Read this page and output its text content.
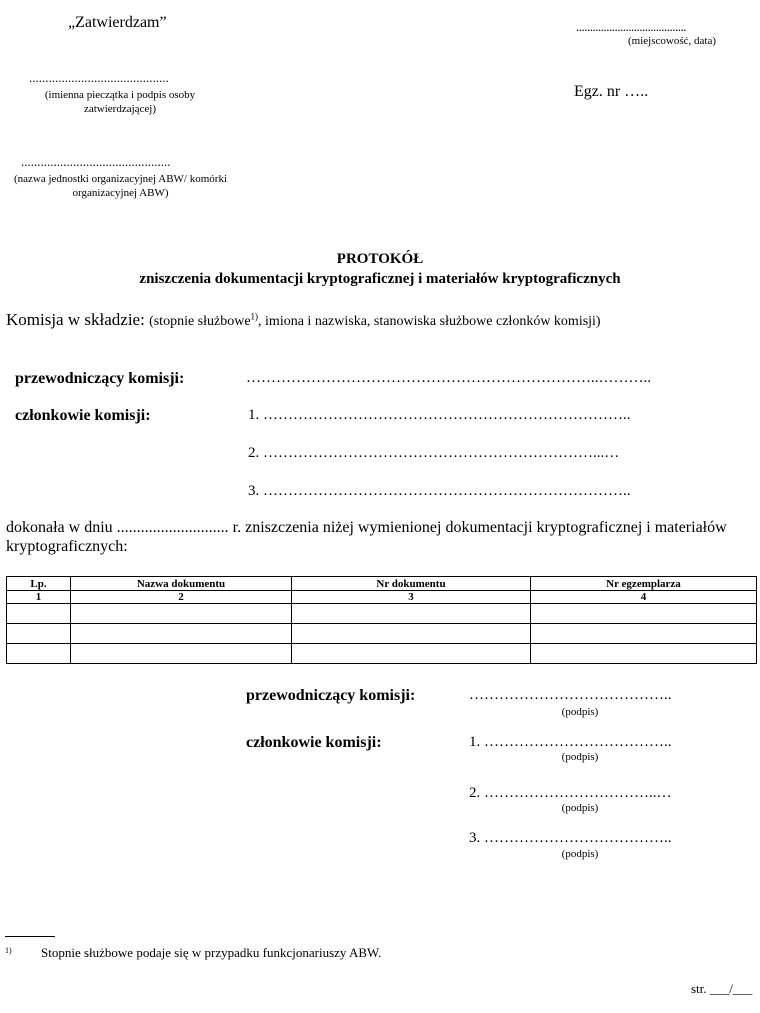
„Zatwierdzam”	........................................
(miejscowość, data)
...........................................
(imienna pieczątka i podpis osoby zatwierdzającej)
Egz. nr …..
..............................................
(nazwa jednostki organizacyjnej ABW/ komórki organizacyjnej ABW)
PROTOKÓŁ
zniszczenia dokumentacji kryptograficznej i materiałów kryptograficznych
Komisja w składzie: (stopnie służbowe$^{1)}$, imiona i nazwiska, stanowiska służbowe członków komisji)
przewodniczący komisji:	……………………………………………………………..………..
członkowie komisji:	1. ………………………………………………………………..
2. …………………………………………………………...…
3. ………………………………………………………………..
dokonała w dniu ............................ r. zniszczenia niżej wymienionej dokumentacji kryptograficznej i materiałów kryptograficznych:
Lp.	Nazwa dokumentu	Nr dokumentu	Nr egzemplarza
1	2	3	4

przewodniczący komisji:	…………………………………..
(podpis)
członkowie komisji:	1. ………………………………..
(podpis)
2. ……………………………..…
(podpis)
3. ………………………………..
(podpis)
1) Stopnie służbowe podaje się w przypadku funkcjonariuszy ABW.
str. ___/___
